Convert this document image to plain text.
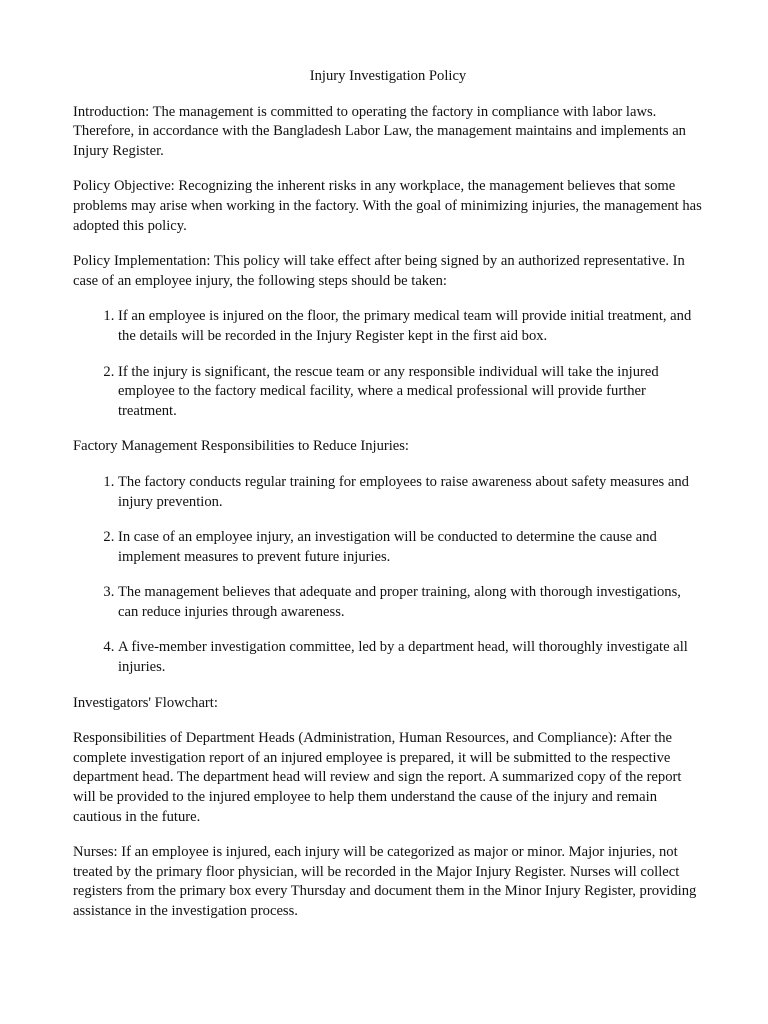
Injury Investigation Policy

Introduction: The management is committed to operating the factory in compliance with labor laws. Therefore, in accordance with the Bangladesh Labor Law, the management maintains and implements an Injury Register.

Policy Objective: Recognizing the inherent risks in any workplace, the management believes that some problems may arise when working in the factory. With the goal of minimizing injuries, the management has adopted this policy.

Policy Implementation: This policy will take effect after being signed by an authorized representative. In case of an employee injury, the following steps should be taken:

1. If an employee is injured on the floor, the primary medical team will provide initial treatment, and the details will be recorded in the Injury Register kept in the first aid box.
2. If the injury is significant, the rescue team or any responsible individual will take the injured employee to the factory medical facility, where a medical professional will provide further treatment.

Factory Management Responsibilities to Reduce Injuries:

1. The factory conducts regular training for employees to raise awareness about safety measures and injury prevention.
2. In case of an employee injury, an investigation will be conducted to determine the cause and implement measures to prevent future injuries.
3. The management believes that adequate and proper training, along with thorough investigations, can reduce injuries through awareness.
4. A five-member investigation committee, led by a department head, will thoroughly investigate all injuries.

Investigators' Flowchart:

Responsibilities of Department Heads (Administration, Human Resources, and Compliance): After the complete investigation report of an injured employee is prepared, it will be submitted to the respective department head. The department head will review and sign the report. A summarized copy of the report will be provided to the injured employee to help them understand the cause of the injury and remain cautious in the future.

Nurses: If an employee is injured, each injury will be categorized as major or minor. Major injuries, not treated by the primary floor physician, will be recorded in the Major Injury Register. Nurses will collect registers from the primary box every Thursday and document them in the Minor Injury Register, providing assistance in the investigation process.
